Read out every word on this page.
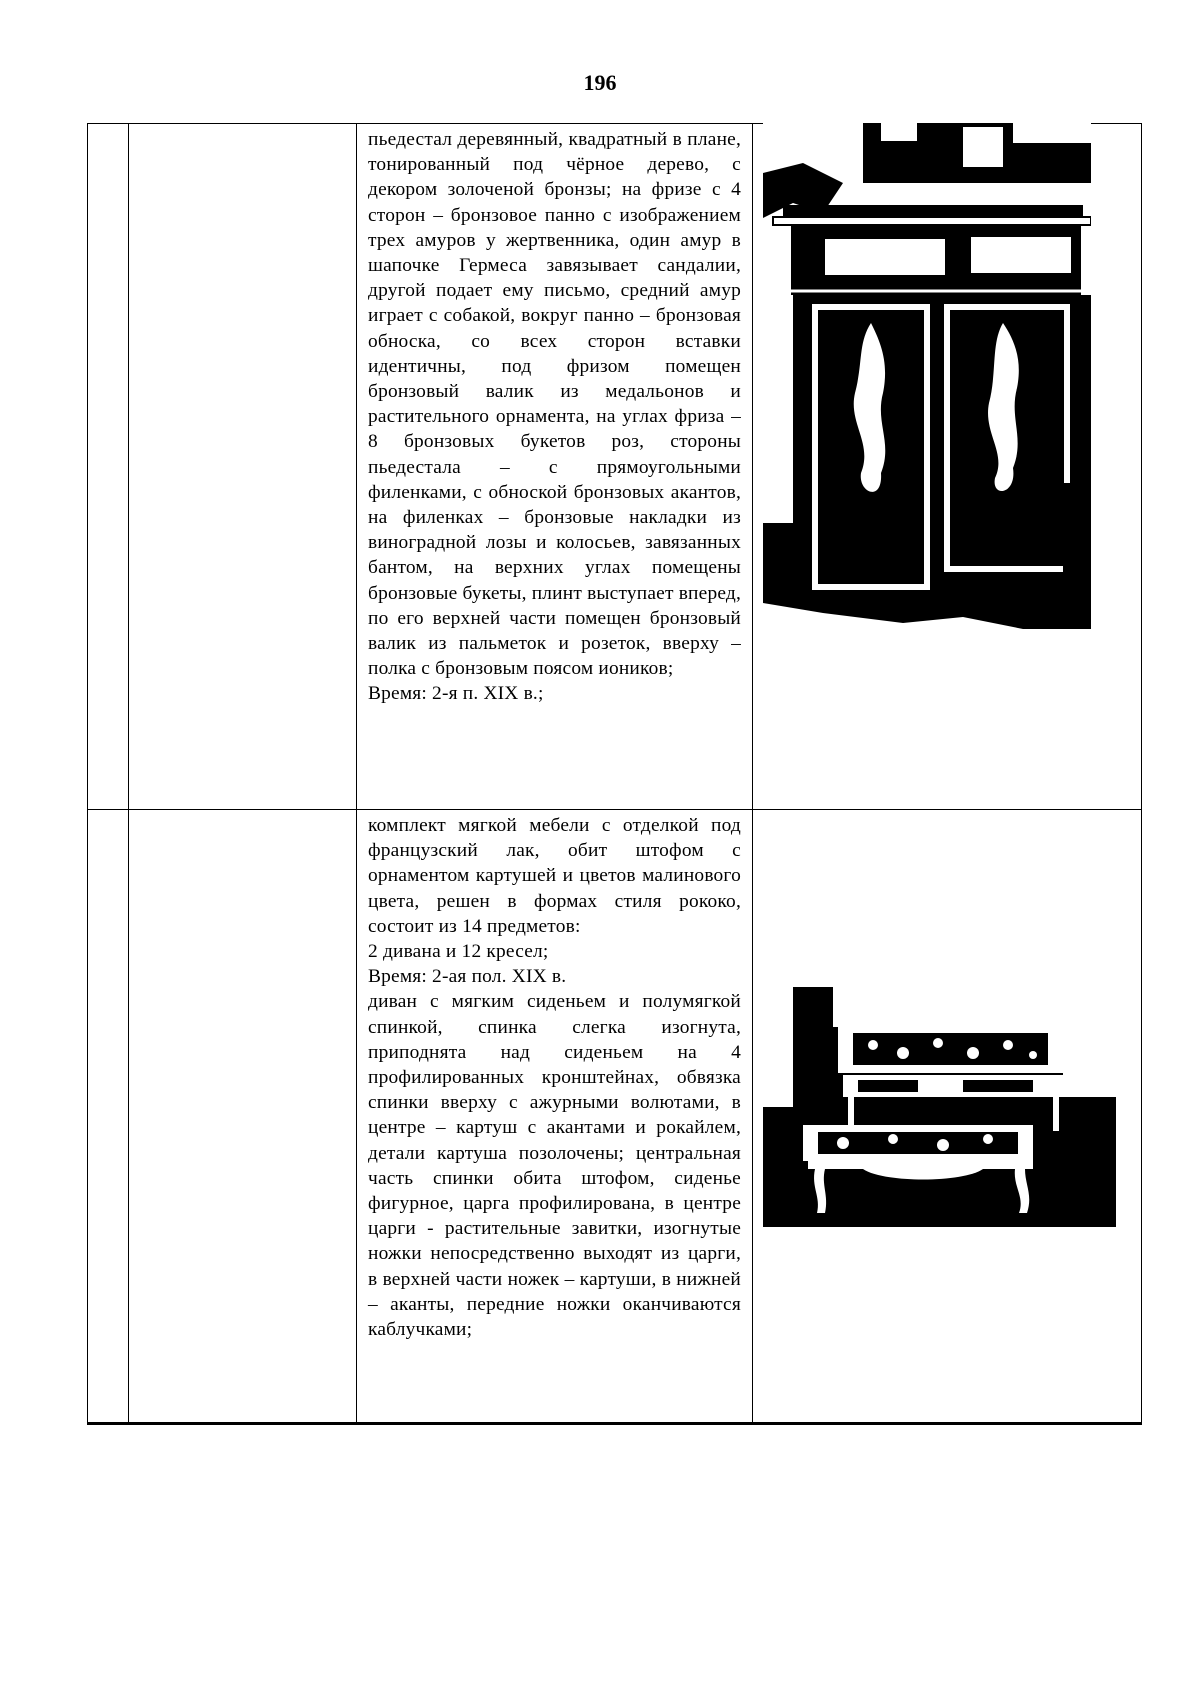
196

		пьедестал деревянный, квадратный в плане, тонированный под чёрное дерево, с декором золоченой бронзы; на фризе с 4 сторон – бронзовое панно с изображением трех амуров у жертвенника, один амур в шапочке Гермеса завязывает сандалии, другой подает ему письмо, средний амур играет с собакой, вокруг панно – бронзовая обноска, со всех сторон вставки идентичны, под фризом помещен бронзовый валик из медальонов и растительного орнамента, на углах фриза – 8 бронзовых букетов роз, стороны пьедестала – с прямоугольными филенками, с обноской бронзовых акантов, на филенках – бронзовые накладки из виноградной лозы и колосьев, завязанных бантом, на верхних углах помещены бронзовые букеты, плинт выступает вперед, по его верхней части помещен бронзовый валик из пальметок и розеток, вверху – полка с бронзовым поясом иоников;

Время: 2-я п. XIX в.;

		комплект мягкой мебели с отделкой под французский лак, обит штофом с орнаментом картушей и цветов малинового цвета, решен в формах стиля рококо, состоит из 14 предметов:

2 дивана и 12 кресел;

Время: 2-ая пол. XIX в.

диван с мягким сиденьем и полумягкой спинкой, спинка слегка изогнута, приподнята над сиденьем на 4 профилированных кронштейнах, обвязка спинки вверху с ажурными волютами, в центре – картуш с акантами и рокайлем, детали картуша позолочены; центральная часть спинки обита штофом, сиденье фигурное, царга профилирована, в центре царги - растительные завитки, изогнутые ножки непосредственно выходят из царги, в верхней части ножек – картуши, в нижней – аканты, передние ножки оканчиваются каблучками;
